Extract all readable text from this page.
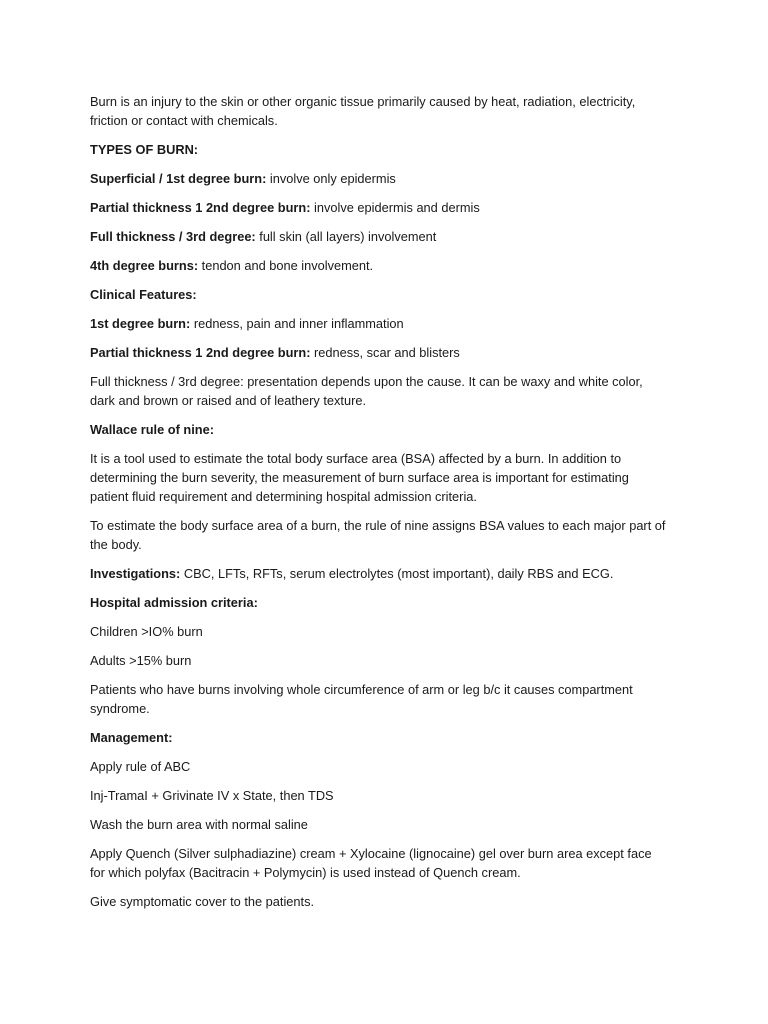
Burn is an injury to the skin or other organic tissue primarily caused by heat, radiation, electricity, friction or contact with chemicals.

TYPES OF BURN:

Superficial / 1st degree burn: involve only epidermis

Partial thickness 1 2nd degree burn: involve epidermis and dermis

Full thickness / 3rd degree: full skin (all layers) involvement

4th degree burns: tendon and bone involvement.

Clinical Features:

1st degree burn: redness, pain and inner inflammation

Partial thickness 1 2nd degree burn: redness, scar and blisters

Full thickness / 3rd degree: presentation depends upon the cause. It can be waxy and white color, dark and brown or raised and of leathery texture.

Wallace rule of nine:

It is a tool used to estimate the total body surface area (BSA) affected by a burn. In addition to determining the burn severity, the measurement of burn surface area is important for estimating patient fluid requirement and determining hospital admission criteria.

To estimate the body surface area of a burn, the rule of nine assigns BSA values to each major part of the body.

Investigations: CBC, LFTs, RFTs, serum electrolytes (most important), daily RBS and ECG.

Hospital admission criteria:

Children >IO% burn

Adults >15% burn

Patients who have burns involving whole circumference of arm or leg b/c it causes compartment syndrome.

Management:

Apply rule of ABC

Inj-TramaI + Grivinate IV x State, then TDS

Wash the burn area with normal saline

Apply Quench (Silver sulphadiazine) cream + Xylocaine (lignocaine) gel over burn area except face for which polyfax (Bacitracin + Polymycin) is used instead of Quench cream.

Give symptomatic cover to the patients.
